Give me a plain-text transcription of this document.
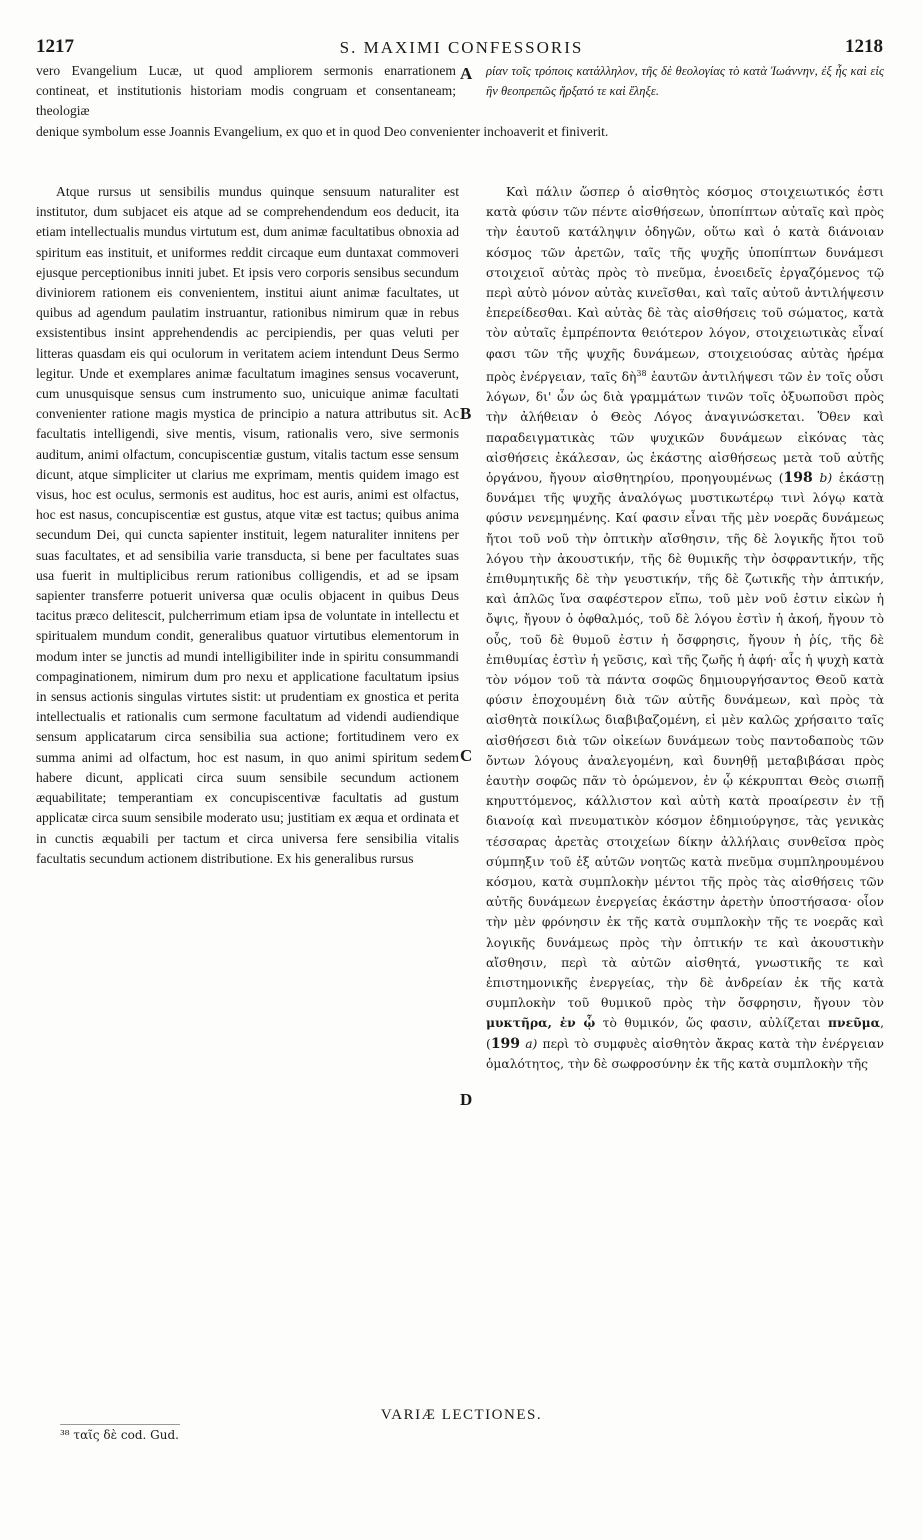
1217	S. MAXIMI CONFESSORIS	1218

vero Evangelium Lucæ, ut quod ampliorem sermonis enarrationem contineat, et institutionis historiam modis congruam et consentaneam; theologiæ

A ρίαν τοῖς τρόποις κατάλληλον, τῆς δὲ θεολογίας τὸ κατὰ Ἰωάννην, ἐξ ἧς καὶ εἰς ἣν θεοπρεπῶς ἤρξατό τε καὶ ἔληξε.

denique symbolum esse Joannis Evangelium, ex quo et in quod Deo convenienter inchoaverit et finiverit.

Atque rursus ut sensibilis mundus quinque sensuum naturaliter est institutor, dum subjacet eis atque ad se comprehendendum eos deducit, ita etiam intellectualis mundus virtutum est, dum animæ facultatibus obnoxia ad spiritum eas instituit, et uniformes reddit circaque eum duntaxat commoveri ejusque perceptionibus inniti jubet. Et ipsis vero corporis sensibus secundum diviniorem rationem eis convenientem, institui aiunt animæ facultates, ut quibus ad agendum paulatim instruantur, rationibus nimirum quæ in rebus exsistentibus insint apprehendendis ac percipiendis, per quas veluti per litteras quasdam eis qui oculorum in veritatem aciem intendunt Deus Sermo legitur. Unde et exemplares animæ facultatum imagines sensus vocaverunt, cum unusquisque sensus cum instrumento suo, unicuique animæ facultati convenienter ratione magis mystica de principio a natura attributus sit. Ac facultatis intelligendi, sive mentis, visum, rationalis vero, sive sermonis auditum, animi olfactum, concupiscentiæ gustum, vitalis tactum esse sensum dicunt, atque simpliciter ut clarius me exprimam, mentis quidem imago est visus, hoc est oculus, sermonis est auditus, hoc est auris, animi est olfactus, hoc est nasus, concupiscentiæ est gustus, atque vitæ est tactus; quibus anima secundum Dei, qui cuncta sapienter instituit, legem naturaliter innitens per suas facultates, et ad sensibilia varie transducta, si bene per facultates suas usa fuerit in multiplicibus rerum rationibus colligendis, et ad se ipsam sapienter transferre potuerit universa quæ oculis objacent in quibus Deus tacitus præco delitescit, pulcherrimum etiam ipsa de voluntate in intellectu et spiritualem mundum condit, generalibus quatuor virtutibus elementorum in modum inter se junctis ad mundi intelligibiliter inde in spiritu consummandi compaginationem, nimirum dum pro nexu et applicatione facultatum ipsius in sensus actionis singulas virtutes sistit: ut prudentiam ex gnostica et perita intellectualis et rationalis cum sermone facultatum ad videndi audiendique sensum applicatarum circa sensibilia sua actione; fortitudinem vero ex summa animi ad olfactum, hoc est nasum, in quo animi spiritum sedem habere dicunt, applicati circa suum sensibile secundum actionem æquabilitate; temperantiam ex concupiscentivæ facultatis ad gustum applicatæ circa suum sensibile moderato usu; justitiam ex æqua et ordinata et in cunctis æquabili per tactum et circa universa fere sensibilia vitalis facultatis secundum actionem distributione. Ex his generalibus rursus

B
C
D

Καὶ πάλιν ὥσπερ ὁ αἰσθητὸς κόσμος στοιχειωτικός ἐστι κατὰ φύσιν τῶν πέντε αἰσθήσεων, ὑποπίπτων αὐταῖς καὶ πρὸς τὴν ἑαυτοῦ κατάληψιν ὁδηγῶν, οὕτω καὶ ὁ κατὰ διάνοιαν κόσμος τῶν ἀρετῶν, ταῖς τῆς ψυχῆς ὑποπίπτων δυνάμεσι στοιχειοῖ αὐτὰς πρὸς τὸ πνεῦμα, ἑνοειδεῖς ἐργαζόμενος τῷ περὶ αὐτὸ μόνον αὐτὰς κινεῖσθαι, καὶ ταῖς αὐτοῦ ἀντιλήψεσιν ἐπερείδεσθαι. Καὶ αὐτὰς δὲ τὰς αἰσθήσεις τοῦ σώματος, κατὰ τὸν αὐταῖς ἐμπρέποντα θειότερον λόγον, στοιχειωτικὰς εἶναί φασι τῶν τῆς ψυχῆς δυνάμεων, στοιχειούσας αὐτὰς ἠρέμα πρὸς ἐνέργειαν, ταῖς δὴ$^{38}$ ἑαυτῶν ἀντιλήψεσι τῶν ἐν τοῖς οὖσι λόγων, δι' ὧν ὡς διὰ γραμμάτων τινῶν τοῖς ὀξυωποῦσι πρὸς τὴν ἀλήθειαν ὁ Θεὸς Λόγος ἀναγινώσκεται. Ὅθεν καὶ παραδειγματικὰς τῶν ψυχικῶν δυνάμεων εἰκόνας τὰς αἰσθήσεις ἐκάλεσαν, ὡς ἑκάστης αἰσθήσεως μετὰ τοῦ αὐτῆς ὀργάνου, ἤγουν αἰσθητηρίου, προηγουμένως (198 b) ἑκάστῃ δυνάμει τῆς ψυχῆς ἀναλόγως μυστικωτέρῳ τινὶ λόγῳ κατὰ φύσιν νενεμημένης. Καί φασιν εἶναι τῆς μὲν νοερᾶς δυνάμεως ἤτοι τοῦ νοῦ τὴν ὀπτικὴν αἴσθησιν, τῆς δὲ λογικῆς ἤτοι τοῦ λόγου τὴν ἀκουστικήν, τῆς δὲ θυμικῆς τὴν ὀσφραντικήν, τῆς ἐπιθυμητικῆς δὲ τὴν γευστικήν, τῆς δὲ ζωτικῆς τὴν ἁπτικήν, καὶ ἁπλῶς ἵνα σαφέστερον εἴπω, τοῦ μὲν νοῦ ἐστιν εἰκὼν ἡ ὄψις, ἤγουν ὁ ὀφθαλμός, τοῦ δὲ λόγου ἐστὶν ἡ ἀκοή, ἤγουν τὸ οὖς, τοῦ δὲ θυμοῦ ἐστιν ἡ ὄσφρησις, ἤγουν ἡ ῥίς, τῆς δὲ ἐπιθυμίας ἐστὶν ἡ γεῦσις, καὶ τῆς ζωῆς ἡ ἁφή· αἷς ἡ ψυχὴ κατὰ τὸν νόμον τοῦ τὰ πάντα σοφῶς δημιουργήσαντος Θεοῦ κατὰ φύσιν ἐποχουμένη διὰ τῶν αὐτῆς δυνάμεων, καὶ πρὸς τὰ αἰσθητὰ ποικίλως διαβιβαζομένη, εἰ μὲν καλῶς χρήσαιτο ταῖς αἰσθήσεσι διὰ τῶν οἰκείων δυνάμεων τοὺς παντοδαποὺς τῶν ὄντων λόγους ἀναλεγομένη, καὶ δυνηθῇ μεταβιβάσαι πρὸς ἑαυτὴν σοφῶς πᾶν τὸ ὁρώμενον, ἐν ᾧ κέκρυπται Θεὸς σιωπῇ κηρυττόμενος, κάλλιστον καὶ αὐτὴ κατὰ προαίρεσιν ἐν τῇ διανοίᾳ καὶ πνευματικὸν κόσμον ἐδημιούργησε, τὰς γενικὰς τέσσαρας ἀρετὰς στοιχείων δίκην ἀλλήλαις συνθεῖσα πρὸς σύμπηξιν τοῦ ἐξ αὐτῶν νοητῶς κατὰ πνεῦμα συμπληρουμένου κόσμου, κατὰ συμπλοκὴν μέντοι τῆς πρὸς τὰς αἰσθήσεις τῶν αὐτῆς δυνάμεων ἐνεργείας ἑκάστην ἀρετὴν ὑποστήσασα· οἷον τὴν μὲν φρόνησιν ἐκ τῆς κατὰ συμπλοκὴν τῆς τε νοερᾶς καὶ λογικῆς δυνάμεως πρὸς τὴν ὀπτικήν τε καὶ ἀκουστικὴν αἴσθησιν, περὶ τὰ αὐτῶν αἰσθητά, γνωστικῆς τε καὶ ἐπιστημονικῆς ἐνεργείας, τὴν δὲ ἀνδρείαν ἐκ τῆς κατὰ συμπλοκὴν τοῦ θυμικοῦ πρὸς τὴν ὄσφρησιν, ἤγουν τὸν μυκτῆρα, ἐν ᾧ τὸ θυμικόν, ὥς φασιν, αὐλίζεται πνεῦμα, (199 a) περὶ τὸ συμφυὲς αἰσθητὸν ἄκρας κατὰ τὴν ἐνέργειαν ὁμαλότητος, τὴν δὲ σωφροσύνην ἐκ τῆς κατὰ συμπλοκὴν τῆς

VARIÆ LECTIONES.
³⁸ ταῖς δὲ cod. Gud.
